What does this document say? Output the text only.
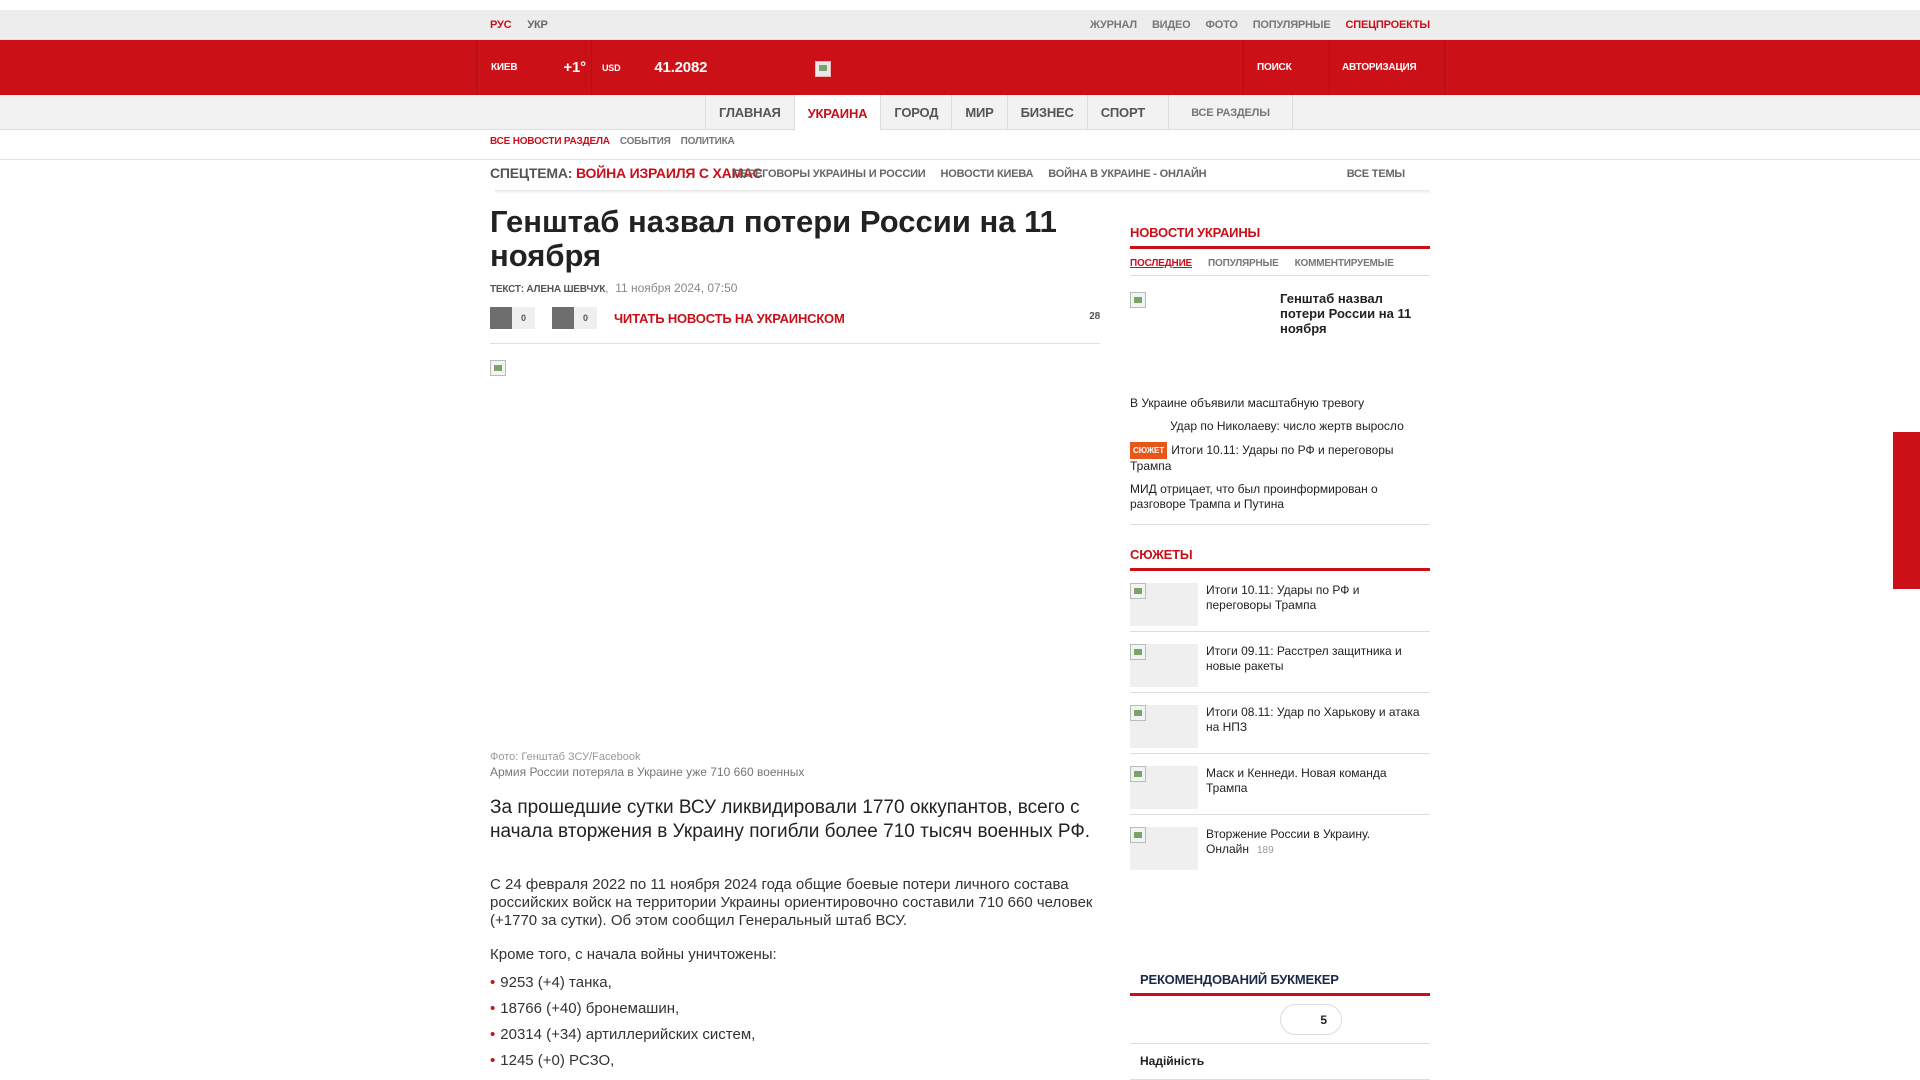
РУС УКР	ЖУРНАЛ ВИДЕО ФОТО ПОПУЛЯРНЫЕ СПЕЦПРОЕКТЫ
КИЕВ	+1° USD 41.2082	ПОИСК	АВТОРИЗАЦИЯ
ГЛАВНАЯ	УКРАИНА	ГОРОД	МИР	БИЗНЕС	СПОРТ	ВСЕ РАЗДЕЛЫ
ВСЕ НОВОСТИ РАЗДЕЛА СОБЫТИЯ ПОЛИТИКА
СПЕЦТЕМА: ВОЙНА ИЗРАИЛЯ С ХАМАС
ПЕРЕГОВОРЫ УКРАИНЫ И РОССИИ НОВОСТИ КИЕВА ВОЙНА В УКРАИНЕ - ОНЛАЙН	ВСЕ ТЕМЫ
Генштаб назвал потери России на 11 ноября
ТЕКСТ: АЛЕНА ШЕВЧУК,  11 ноября 2024, 07:50
0	0	ЧИТАТЬ НОВОСТЬ НА УКРАИНСКОМ	28
Фото: Генштаб ЗСУ/Facebook
Армия России потеряла в Украине уже 710 660 военных

За прошедшие сутки ВСУ ликвидировали 1770 оккупантов, всего с начала вторжения в Украину погибли более 710 тысяч военных РФ.

С 24 февраля 2022 по 11 ноября 2024 года общие боевые потери личного состава российских войск на территории Украины ориентировочно составили 710 660 человек (+1770 за сутки). Об этом сообщил Генеральный штаб ВСУ.

Кроме того, с начала войны уничтожены:

• 9253 (+4) танка,
• 18766 (+40) бронемашин,
• 20314 (+34) артиллерийских систем,
• 1245 (+0) РСЗО,
НОВОСТИ УКРАИНЫ
ПОСЛЕДНИЕ ПОПУЛЯРНЫЕ КОММЕНТИРУЕМЫЕ
Генштаб назвал потери России на 11 ноября
В Украине объявили масштабную тревогу
Удар по Николаеву: число жертв выросло
СЮЖЕТ Итоги 10.11: Удары по РФ и переговоры Трампа
МИД отрицает, что был проинформирован о разговоре Трампа и Путина
СЮЖЕТЫ
Итоги 10.11: Удары по РФ и переговоры Трампа
Итоги 09.11: Расстрел защитника и новые ракеты
Итоги 08.11: Удар по Харькову и атака на НПЗ
Маск и Кеннеди. Новая команда Трампа
Вторжение России в Украину. Онлайн 189
РЕКОМЕНДОВАНИЙ БУКМЕКЕР
5
Надійність
